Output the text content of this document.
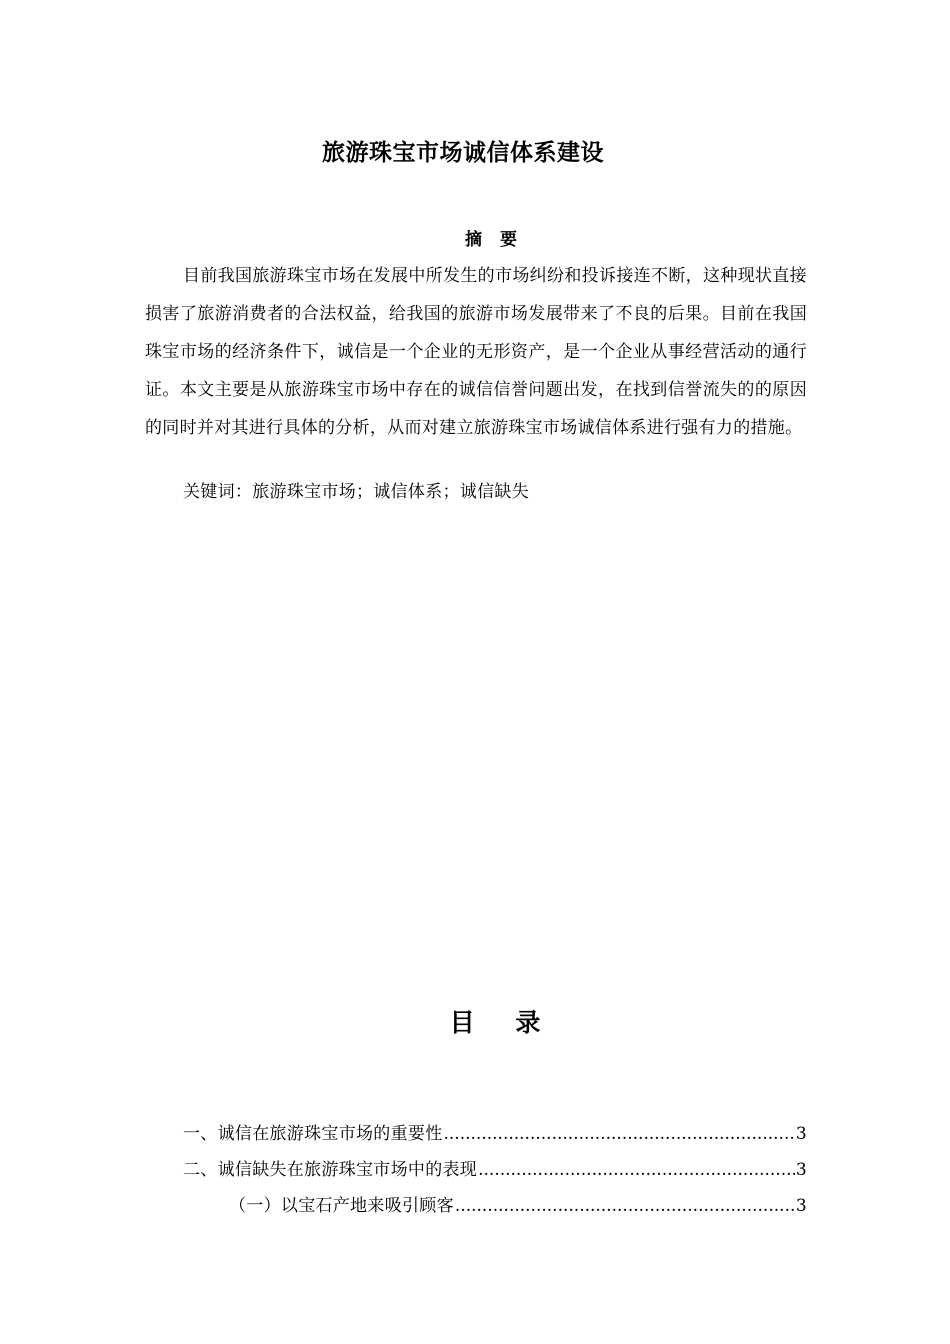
旅游珠宝市场诚信体系建设
摘 要
目前我国旅游珠宝市场在发展中所发生的市场纠纷和投诉接连不断，这种现状直接损害了旅游消费者的合法权益，给我国的旅游市场发展带来了不良的后果。目前在我国珠宝市场的经济条件下，诚信是一个企业的无形资产，是一个企业从事经营活动的通行证。本文主要是从旅游珠宝市场中存在的诚信信誉问题出发，在找到信誉流失的的原因的同时并对其进行具体的分析，从而对建立旅游珠宝市场诚信体系进行强有力的措施。
关键词：旅游珠宝市场；诚信体系；诚信缺失
目 录
一、诚信在旅游珠宝市场的重要性 .....	3
二、诚信缺失在旅游珠宝市场中的表现 .....	3
（一）以宝石产地来吸引顾客 .....	3
